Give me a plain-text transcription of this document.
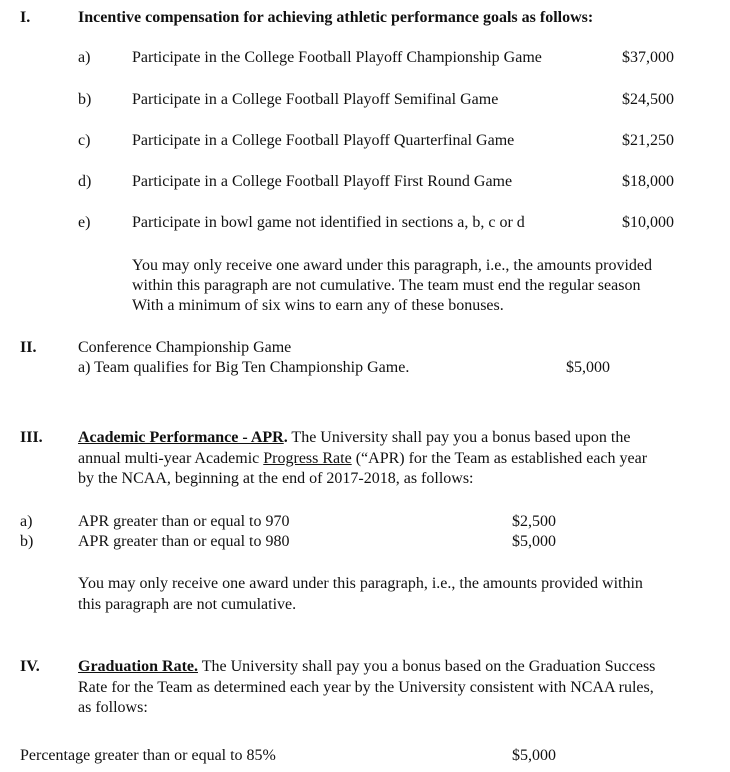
I.	Incentive compensation for achieving athletic performance goals as follows:
a)	Participate in the College Football Playoff Championship Game	$37,000
b)	Participate in a College Football Playoff Semifinal Game	$24,500
c)	Participate in a College Football Playoff Quarterfinal Game	$21,250
d)	Participate in a College Football Playoff First Round Game	$18,000
e)	Participate in bowl game not identified in sections a, b, c or d	$10,000
You may only receive one award under this paragraph, i.e., the amounts provided
within this paragraph are not cumulative. The team must end the regular season
With a minimum of six wins to earn any of these bonuses.
II.	Conference Championship Game
a) Team qualifies for Big Ten Championship Game.	$5,000
III. Academic Performance - APR. The University shall pay you a bonus based upon the
annual multi-year Academic Progress Rate (“APR) for the Team as established each year
by the NCAA, beginning at the end of 2017-2018, as follows:
a)	APR greater than or equal to 970	$2,500
b)	APR greater than or equal to 980	$5,000
You may only receive one award under this paragraph, i.e., the amounts provided within
this paragraph are not cumulative.
IV. Graduation Rate. The University shall pay you a bonus based on the Graduation Success
Rate for the Team as determined each year by the University consistent with NCAA rules,
as follows:
Percentage greater than or equal to 85%	$5,000
